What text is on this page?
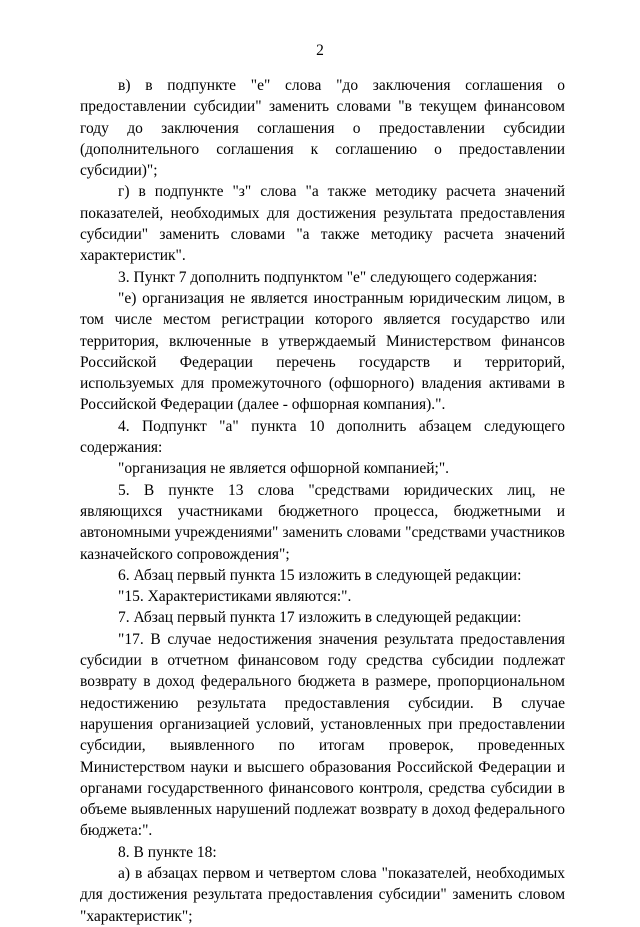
2

в) в подпункте "е" слова "до заключения соглашения о предоставлении субсидии" заменить словами "в текущем финансовом году до заключения соглашения о предоставлении субсидии (дополнительного соглашения к соглашению о предоставлении субсидии)";

г) в подпункте "з" слова "а также методику расчета значений показателей, необходимых для достижения результата предоставления субсидии" заменить словами "а также методику расчета значений характеристик".

3. Пункт 7 дополнить подпунктом "е" следующего содержания:

"е) организация не является иностранным юридическим лицом, в том числе местом регистрации которого является государство или территория, включенные в утверждаемый Министерством финансов Российской Федерации перечень государств и территорий, используемых для промежуточного (офшорного) владения активами в Российской Федерации (далее - офшорная компания).".

4. Подпункт "а" пункта 10 дополнить абзацем следующего содержания:

"организация не является офшорной компанией;".

5. В пункте 13 слова "средствами юридических лиц, не являющихся участниками бюджетного процесса, бюджетными и автономными учреждениями" заменить словами "средствами участников казначейского сопровождения";

6. Абзац первый пункта 15 изложить в следующей редакции:

"15. Характеристиками являются:".

7. Абзац первый пункта 17 изложить в следующей редакции:

"17. В случае недостижения значения результата предоставления субсидии в отчетном финансовом году средства субсидии подлежат возврату в доход федерального бюджета в размере, пропорциональном недостижению результата предоставления субсидии. В случае нарушения организацией условий, установленных при предоставлении субсидии, выявленного по итогам проверок, проведенных Министерством науки и высшего образования Российской Федерации и органами государственного финансового контроля, средства субсидии в объеме выявленных нарушений подлежат возврату в доход федерального бюджета:".

8. В пункте 18:

а) в абзацах первом и четвертом слова "показателей, необходимых для достижения результата предоставления субсидии" заменить словом "характеристик";
